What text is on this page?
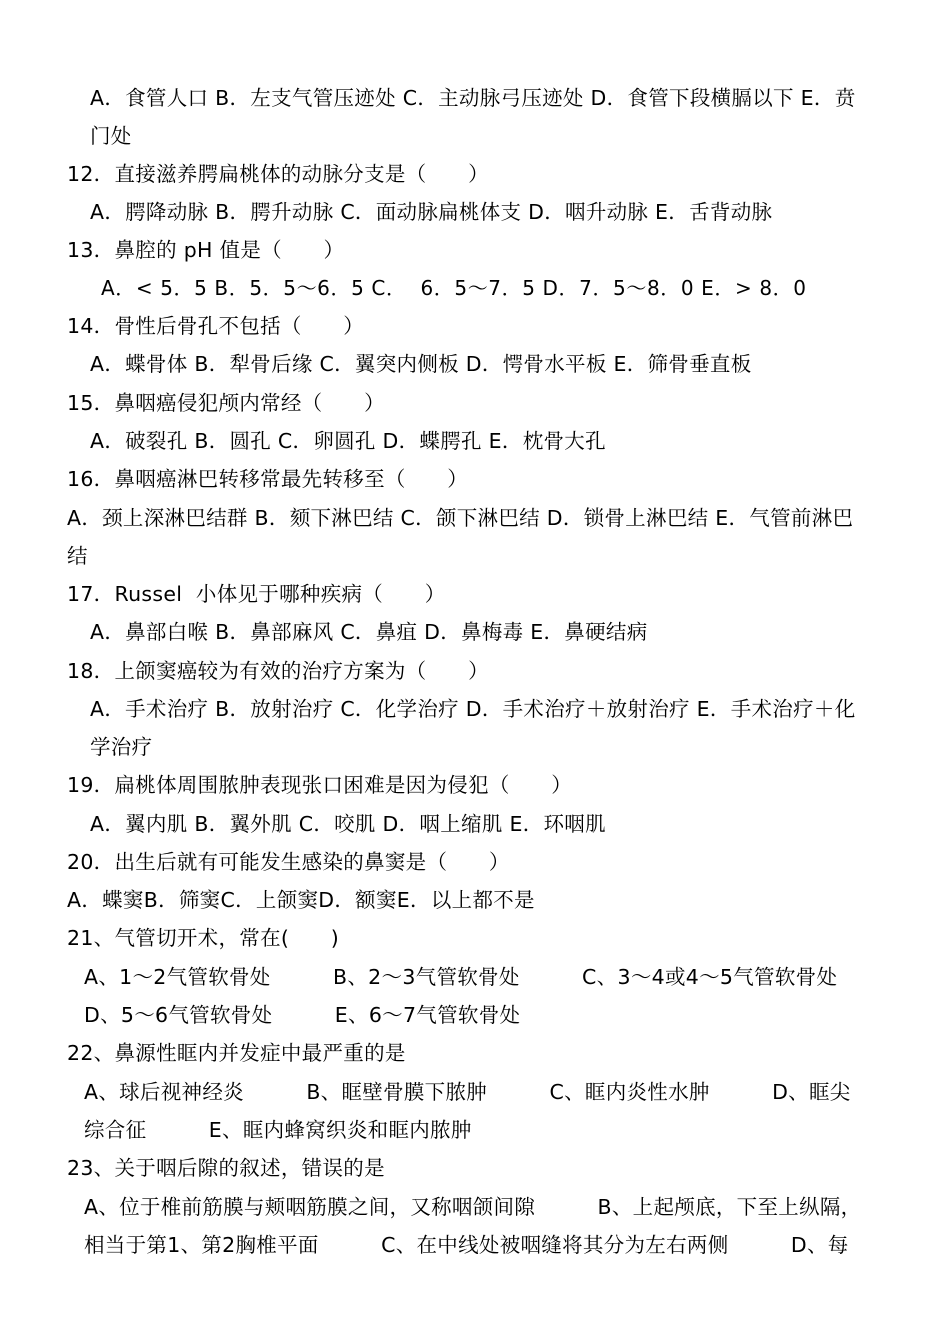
A．食管人口 B．左支气管压迹处 C．主动脉弓压迹处 D．食管下段横膈以下 E．贲

门处

12．直接滋养腭扁桃体的动脉分支是（　　）

A．腭降动脉 B．腭升动脉 C．面动脉扁桃体支 D．咽升动脉 E．舌背动脉

13．鼻腔的 pH 值是（　　）

A．< 5．5 B．5．5～6．5 C．  6．5～7．5 D．7．5～8．0 E．> 8．0

14．骨性后骨孔不包括（　　）

A．蝶骨体 B．犁骨后缘 C．翼突内侧板 D．愕骨水平板 E．筛骨垂直板

15．鼻咽癌侵犯颅内常经（　　）

A．破裂孔 B．圆孔 C．卵圆孔 D．蝶腭孔 E．枕骨大孔

16．鼻咽癌淋巴转移常最先转移至（　　）

A．颈上深淋巴结群 B．颏下淋巴结 C．颌下淋巴结 D．锁骨上淋巴结 E．气管前淋巴

结

17．Russel  小体见于哪种疾病（　　）

A．鼻部白喉 B．鼻部麻风 C．鼻疽 D．鼻梅毒 E．鼻硬结病

18．上颌窦癌较为有效的治疗方案为（　　）

A．手术治疗 B．放射治疗 C．化学治疗 D．手术治疗＋放射治疗 E．手术治疗＋化

学治疗

19．扁桃体周围脓肿表现张口困难是因为侵犯（　　）

A．翼内肌 B．翼外肌 C．咬肌 D．咽上缩肌 E．环咽肌

20．出生后就有可能发生感染的鼻窦是（　　）

A．蝶窦B．筛窦C．上颌窦D．额窦E．以上都不是

21、气管切开术，常在(　　)

A、1～2气管软骨处　　　B、2～3气管软骨处　　　C、3～4或4～5气管软骨处

D、5～6气管软骨处　　　E、6～7气管软骨处

22、鼻源性眶内并发症中最严重的是

A、球后视神经炎　　　B、眶壁骨膜下脓肿　　　C、眶内炎性水肿　　　D、眶尖

综合征　　　E、眶内蜂窝织炎和眶内脓肿

23、关于咽后隙的叙述，错误的是

A、位于椎前筋膜与颊咽筋膜之间，又称咽颌间隙　　　B、上起颅底，下至上纵隔，

相当于第1、第2胸椎平面　　　C、在中线处被咽缝将其分为左右两侧　　　D、每
